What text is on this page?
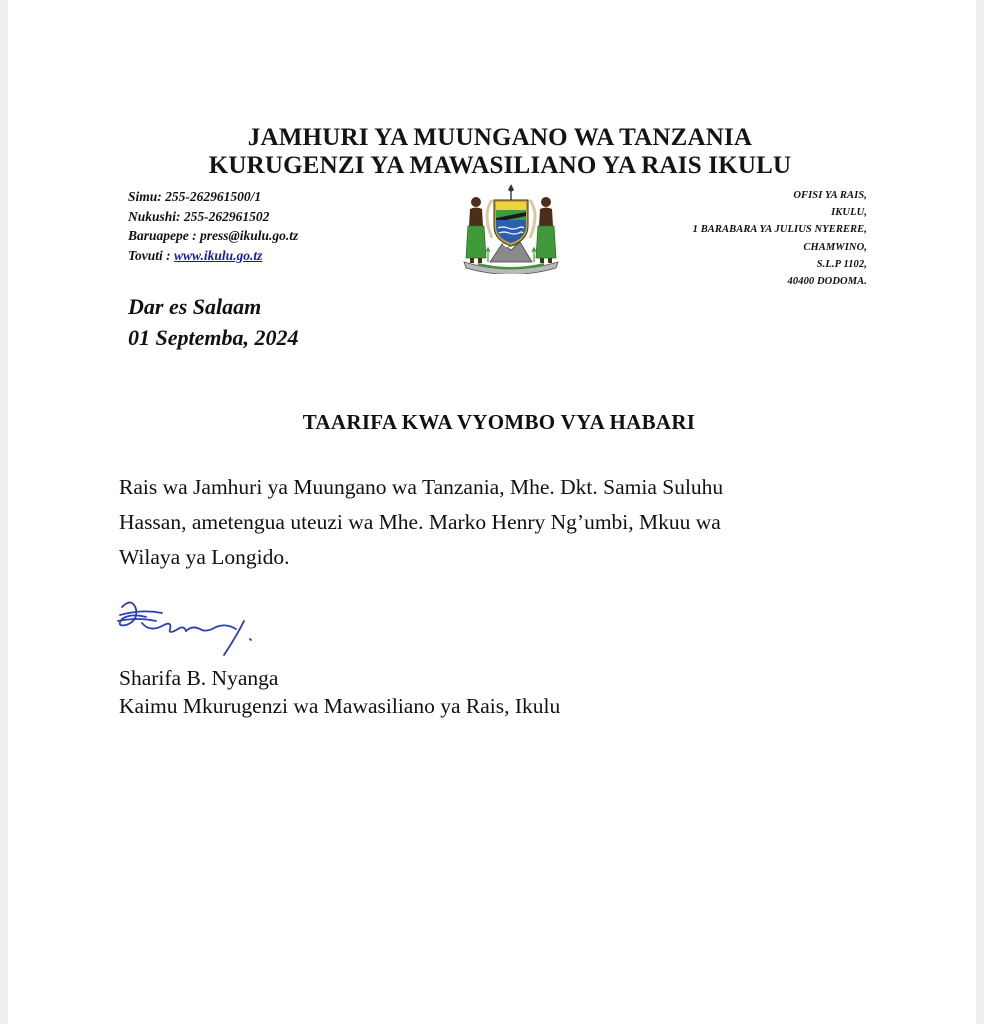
JAMHURI YA MUUNGANO WA TANZANIA
KURUGENZI YA MAWASILIANO YA RAIS IKULU
Simu: 255-262961500/1
Nukushi: 255-262961502
Baruapepe : press@ikulu.go.tz
Tovuti : www.ikulu.go.tz
OFISI YA RAIS,
IKULU,
1 BARABARA YA JULIUS NYERERE,
CHAMWINO,
S.L.P 1102,
40400 DODOMA.
Dar es Salaam
01 Septemba, 2024
TAARIFA KWA VYOMBO VYA HABARI
Rais wa Jamhuri ya Muungano wa Tanzania, Mhe. Dkt. Samia Suluhu
Hassan, ametengua uteuzi wa Mhe. Marko Henry Ng’umbi, Mkuu wa
Wilaya ya Longido.
Sharifa B. Nyanga
Kaimu Mkurugenzi wa Mawasiliano ya Rais, Ikulu
